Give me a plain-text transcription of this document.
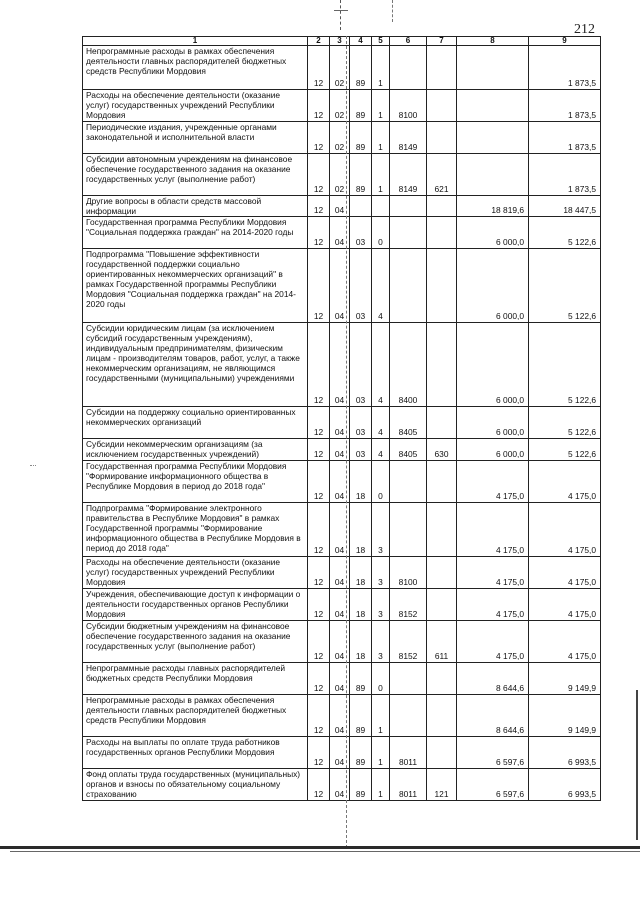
212
1	2	3	4	5	6	7	8	9
Непрограммные расходы в рамках обеспечения деятельности главных распорядителей бюджетных средств Республики Мордовия	12	02	89	1				1 873,5
Расходы на обеспечение деятельности (оказание услуг) государственных учреждений Республики Мордовия	12	02	89	1	8100			1 873,5
Периодические издания, учрежденные органами законодательной и исполнительной власти	12	02	89	1	8149			1 873,5
Субсидии автономным учреждениям на финансовое обеспечение государственного задания на оказание государственных услуг (выполнение работ)	12	02	89	1	8149	621		1 873,5
Другие вопросы в области средств массовой информации	12	04					18 819,6	18 447,5
Государственная программа Республики Мордовия "Социальная поддержка граждан" на 2014-2020 годы	12	04	03	0			6 000,0	5 122,6
Подпрограмма "Повышение эффективности государственной поддержки социально ориентированных некоммерческих организаций" в рамках Государственной программы Республики Мордовия "Социальная поддержка граждан" на 2014-2020 годы	12	04	03	4			6 000,0	5 122,6
Субсидии юридическим лицам (за исключением субсидий государственным учреждениям), индивидуальным предпринимателям, физическим лицам - производителям товаров, работ, услуг, а также некоммерческим организациям, не являющимся государственными (муниципальными) учреждениями	12	04	03	4	8400		6 000,0	5 122,6
Субсидии на поддержку социально ориентированных некоммерческих организаций	12	04	03	4	8405		6 000,0	5 122,6
Субсидии некоммерческим организациям (за исключением государственных учреждений)	12	04	03	4	8405	630	6 000,0	5 122,6
Государственная программа Республики Мордовия "Формирование информационного общества в Республике Мордовия в период до 2018 года"	12	04	18	0			4 175,0	4 175,0
Подпрограмма "Формирование электронного правительства в Республике Мордовия" в рамках Государственной программы "Формирование информационного общества в Республике Мордовия в период до 2018 года"	12	04	18	3			4 175,0	4 175,0
Расходы на обеспечение деятельности (оказание услуг) государственных учреждений Республики Мордовия	12	04	18	3	8100		4 175,0	4 175,0
Учреждения, обеспечивающие доступ к информации о деятельности государственных органов Республики Мордовия	12	04	18	3	8152		4 175,0	4 175,0
Субсидии бюджетным учреждениям на финансовое обеспечение государственного задания на оказание государственных услуг (выполнение работ)	12	04	18	3	8152	611	4 175,0	4 175,0
Непрограммные расходы главных распорядителей бюджетных средств Республики Мордовия	12	04	89	0			8 644,6	9 149,9
Непрограммные расходы в рамках обеспечения деятельности главных распорядителей бюджетных средств Республики Мордовия	12	04	89	1			8 644,6	9 149,9
Расходы на выплаты по оплате труда работников государственных органов Республики Мордовия	12	04	89	1	8011		6 597,6	6 993,5
Фонд оплаты труда государственных (муниципальных) органов и взносы по обязательному социальному страхованию	12	04	89	1	8011	121	6 597,6	6 993,5
